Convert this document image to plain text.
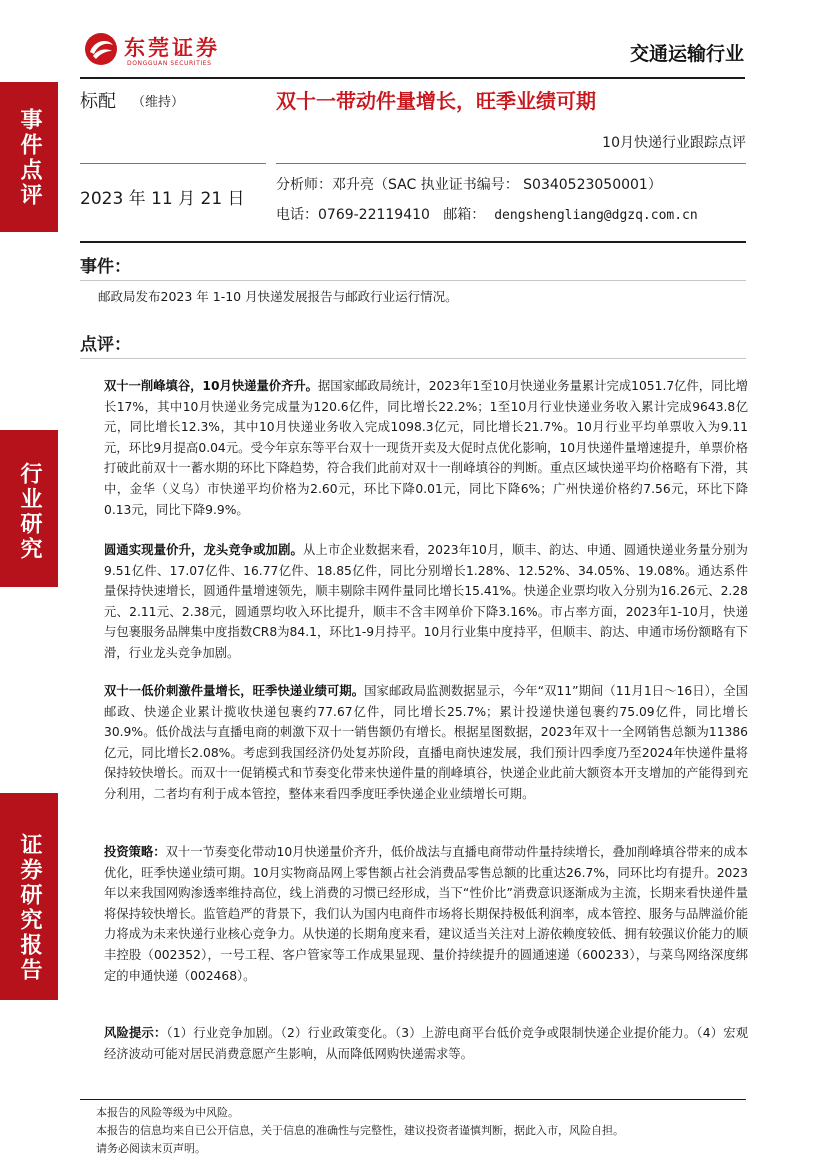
东莞证券
DONGGUAN SECURITIES	交通运输行业
事件点评
行业研究
证券研究报告
标配 （维持）	双十一带动件量增长，旺季业绩可期
10月快递行业跟踪点评
2023 年 11 月 21 日
分析师：邓升亮（SAC 执业证书编号： S0340523050001）
电话：0769-22119410 邮箱： dengshengliang@dgzq.com.cn
事件：
邮政局发布2023 年 1-10 月快递发展报告与邮政行业运行情况。
点评：
双十一削峰填谷，10月快递量价齐升。据国家邮政局统计，2023年1至10月快递业务量累计完成1051.7亿件，同比增长17%，其中10月快递业务完成量为120.6亿件，同比增长22.2%；1至10月行业快递业务收入累计完成9643.8亿元，同比增长12.3%，其中10月快递业务收入完成1098.3亿元，同比增长21.7%。10月行业平均单票收入为9.11元，环比9月提高0.04元。受今年京东等平台双十一现货开卖及大促时点优化影响，10月快递件量增速提升，单票价格打破此前双十一蓄水期的环比下降趋势，符合我们此前对双十一削峰填谷的判断。重点区域快递平均价格略有下滑，其中，金华（义乌）市快递平均价格为2.60元，环比下降0.01元，同比下降6%；广州快递价格约7.56元，环比下降0.13元，同比下降9.9%。
圆通实现量价升，龙头竞争或加剧。从上市企业数据来看，2023年10月，顺丰、韵达、申通、圆通快递业务量分别为9.51亿件、17.07亿件、16.77亿件、18.85亿件，同比分别增长1.28%、12.52%、34.05%、19.08%。通达系件量保持快速增长，圆通件量增速领先，顺丰剔除丰网件量同比增长15.41%。快递企业票均收入分别为16.26元、2.28元、2.11元、2.38元，圆通票均收入环比提升，顺丰不含丰网单价下降3.16%。市占率方面，2023年1-10月，快递与包裹服务品牌集中度指数CR8为84.1，环比1-9月持平。10月行业集中度持平，但顺丰、韵达、申通市场份额略有下滑，行业龙头竞争加剧。
双十一低价刺激件量增长，旺季快递业绩可期。国家邮政局监测数据显示，今年“双11”期间（11月1日～16日），全国邮政、快递企业累计揽收快递包裹约77.67亿件，同比增长25.7%；累计投递快递包裹约75.09亿件，同比增长30.9%。低价战法与直播电商的刺激下双十一销售额仍有增长。根据星图数据，2023年双十一全网销售总额为11386亿元，同比增长2.08%。考虑到我国经济仍处复苏阶段，直播电商快速发展，我们预计四季度乃至2024年快递件量将保持较快增长。而双十一促销模式和节奏变化带来快递件量的削峰填谷，快递企业此前大额资本开支增加的产能得到充分利用，二者均有利于成本管控，整体来看四季度旺季快递企业业绩增长可期。
投资策略：双十一节奏变化带动10月快递量价齐升，低价战法与直播电商带动件量持续增长，叠加削峰填谷带来的成本优化，旺季快递业绩可期。10月实物商品网上零售额占社会消费品零售总额的比重达26.7%，同环比均有提升。2023年以来我国网购渗透率维持高位，线上消费的习惯已经形成，当下“性价比”消费意识逐渐成为主流，长期来看快递件量将保持较快增长。监管趋严的背景下，我们认为国内电商件市场将长期保持极低利润率，成本管控、服务与品牌溢价能力将成为未来快递行业核心竞争力。从快递的长期角度来看，建议适当关注对上游依赖度较低、拥有较强议价能力的顺丰控股（002352），一号工程、客户管家等工作成果显现、量价持续提升的圆通速递（600233），与菜鸟网络深度绑定的申通快递（002468）。
风险提示：（1）行业竞争加剧。（2）行业政策变化。（3）上游电商平台低价竞争或限制快递企业提价能力。（4）宏观经济波动可能对居民消费意愿产生影响，从而降低网购快递需求等。
本报告的风险等级为中风险。
本报告的信息均来自已公开信息，关于信息的准确性与完整性，建议投资者谨慎判断，据此入市，风险自担。
请务必阅读末页声明。
